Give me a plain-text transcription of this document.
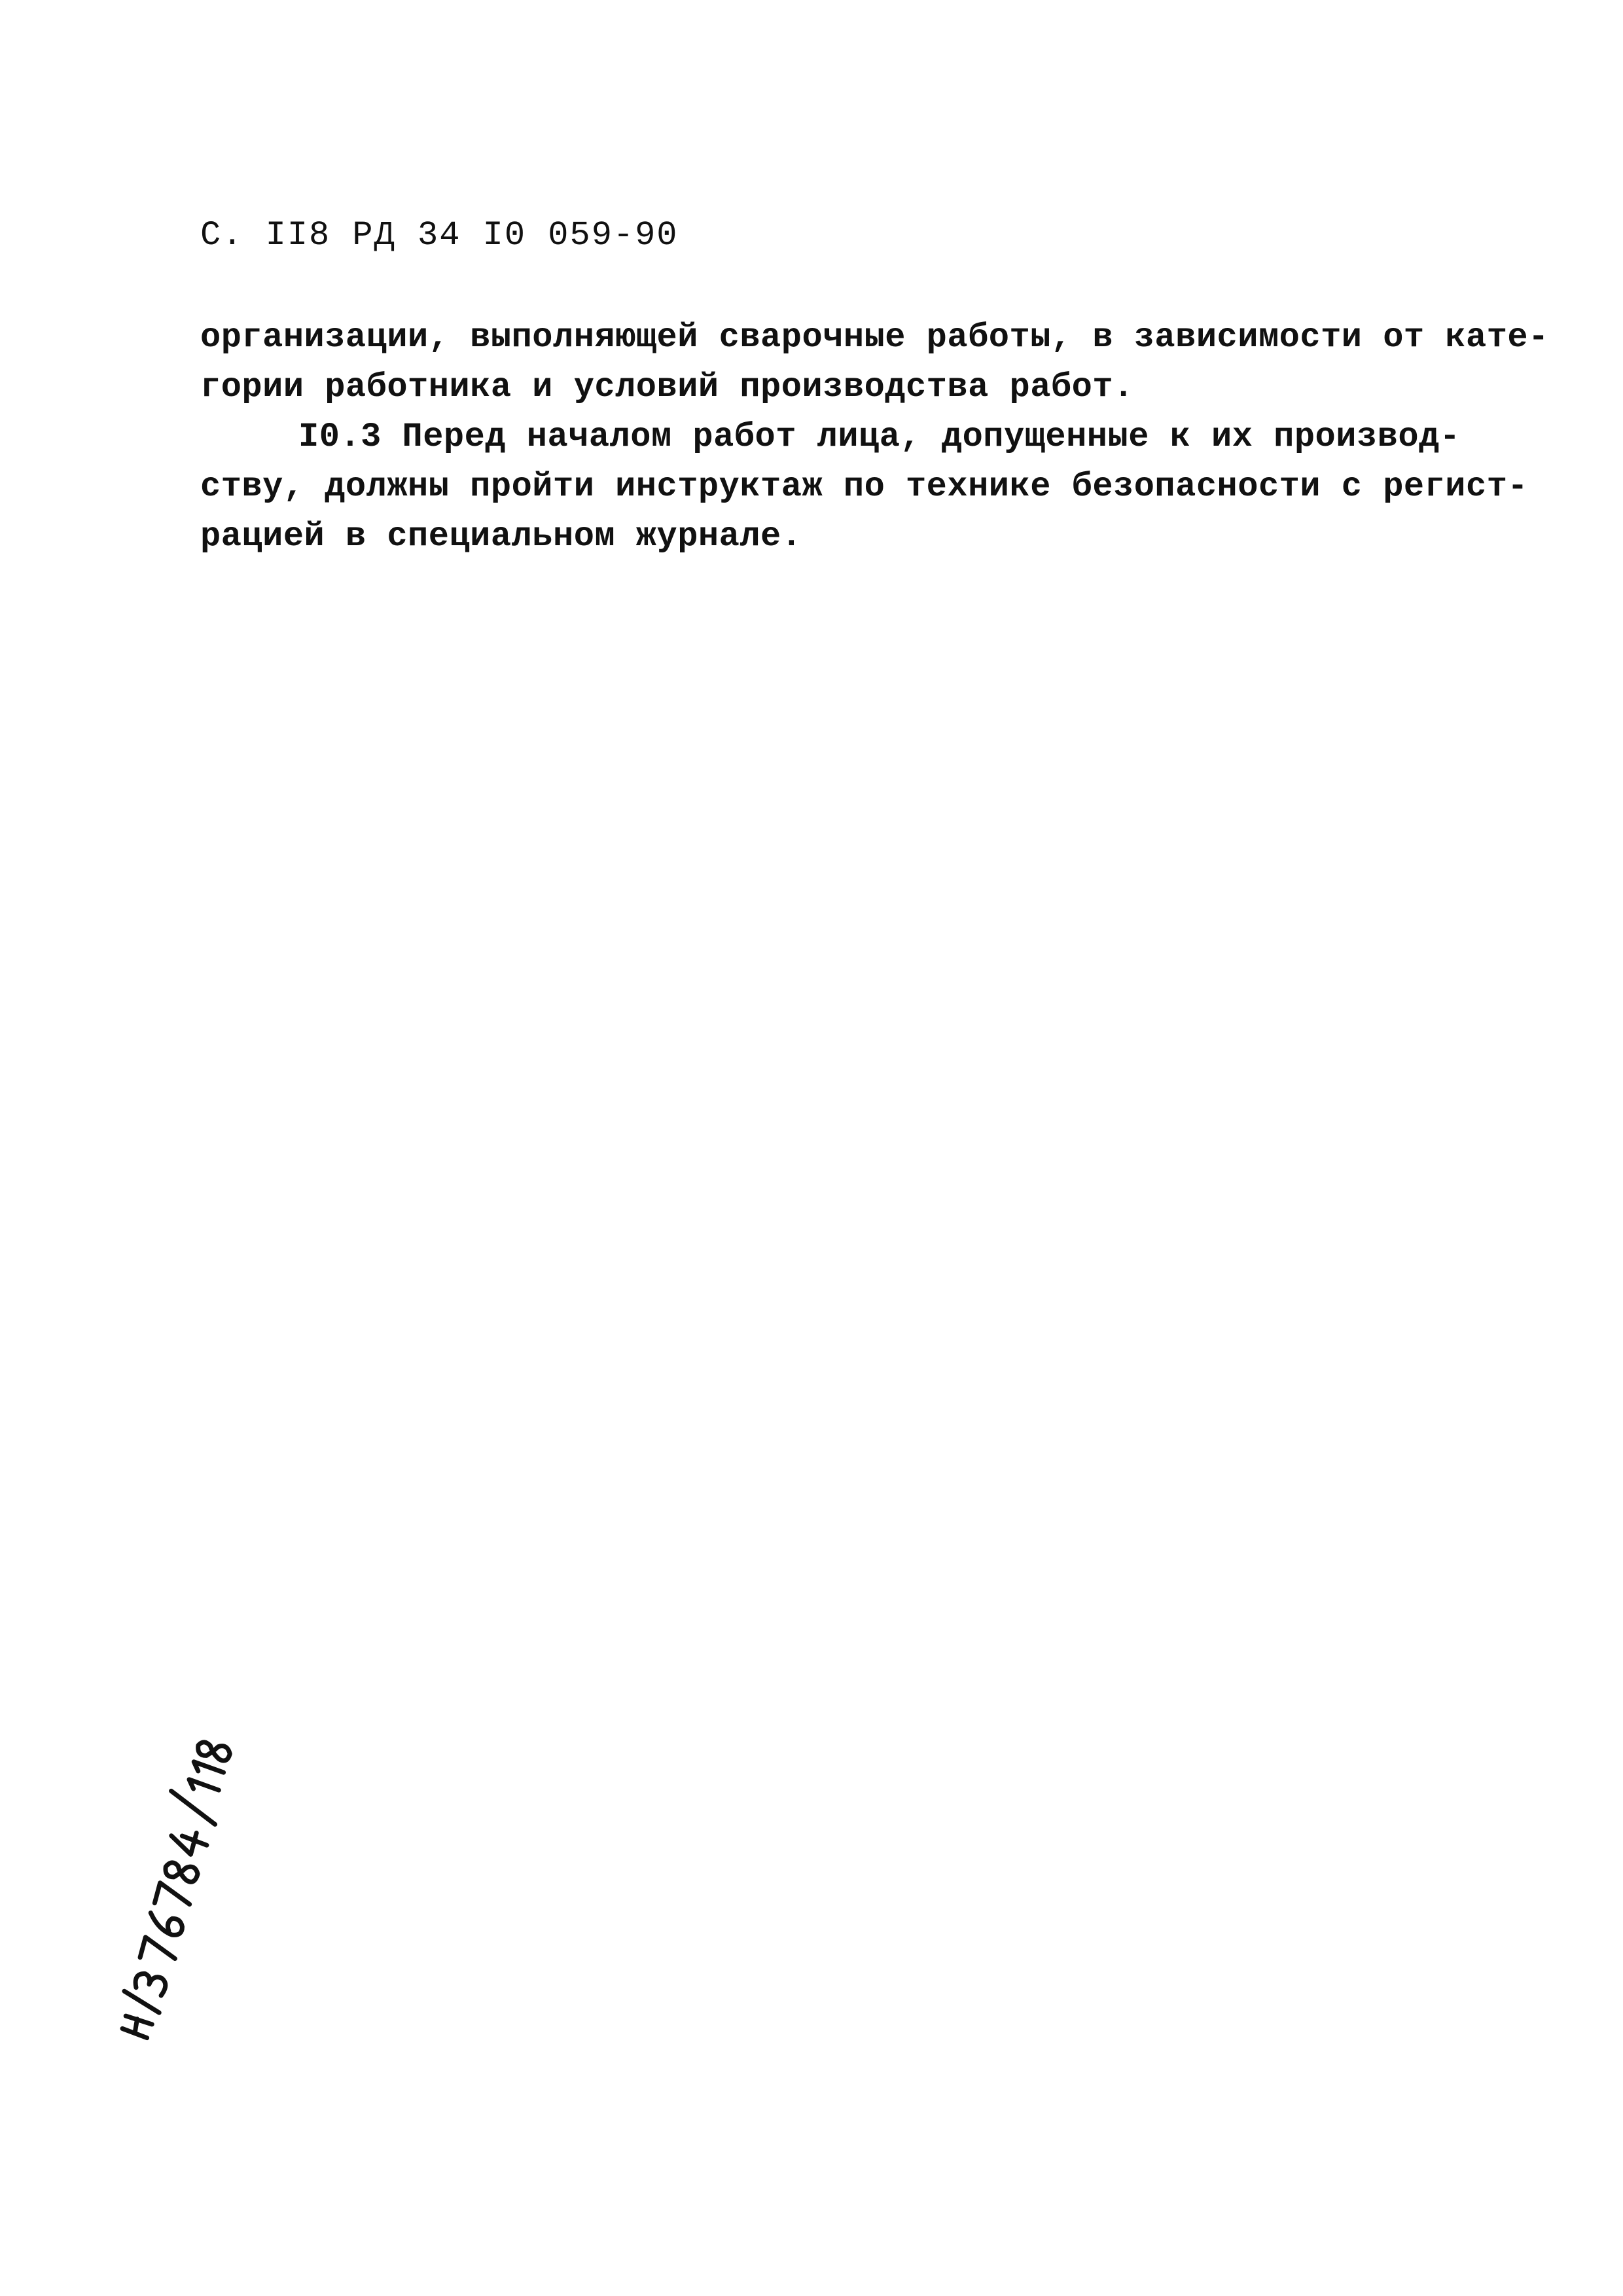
С. II8 РД 34 I0 059-90
организации, выполняющей сварочные работы, в зависимости от кате-
гории работника и условий производства работ.
I0.3 Перед началом работ лица, допущенные к их производ-
ству, должны пройти инструктаж по технике безопасности с регист-
рацией в специальном журнале.
